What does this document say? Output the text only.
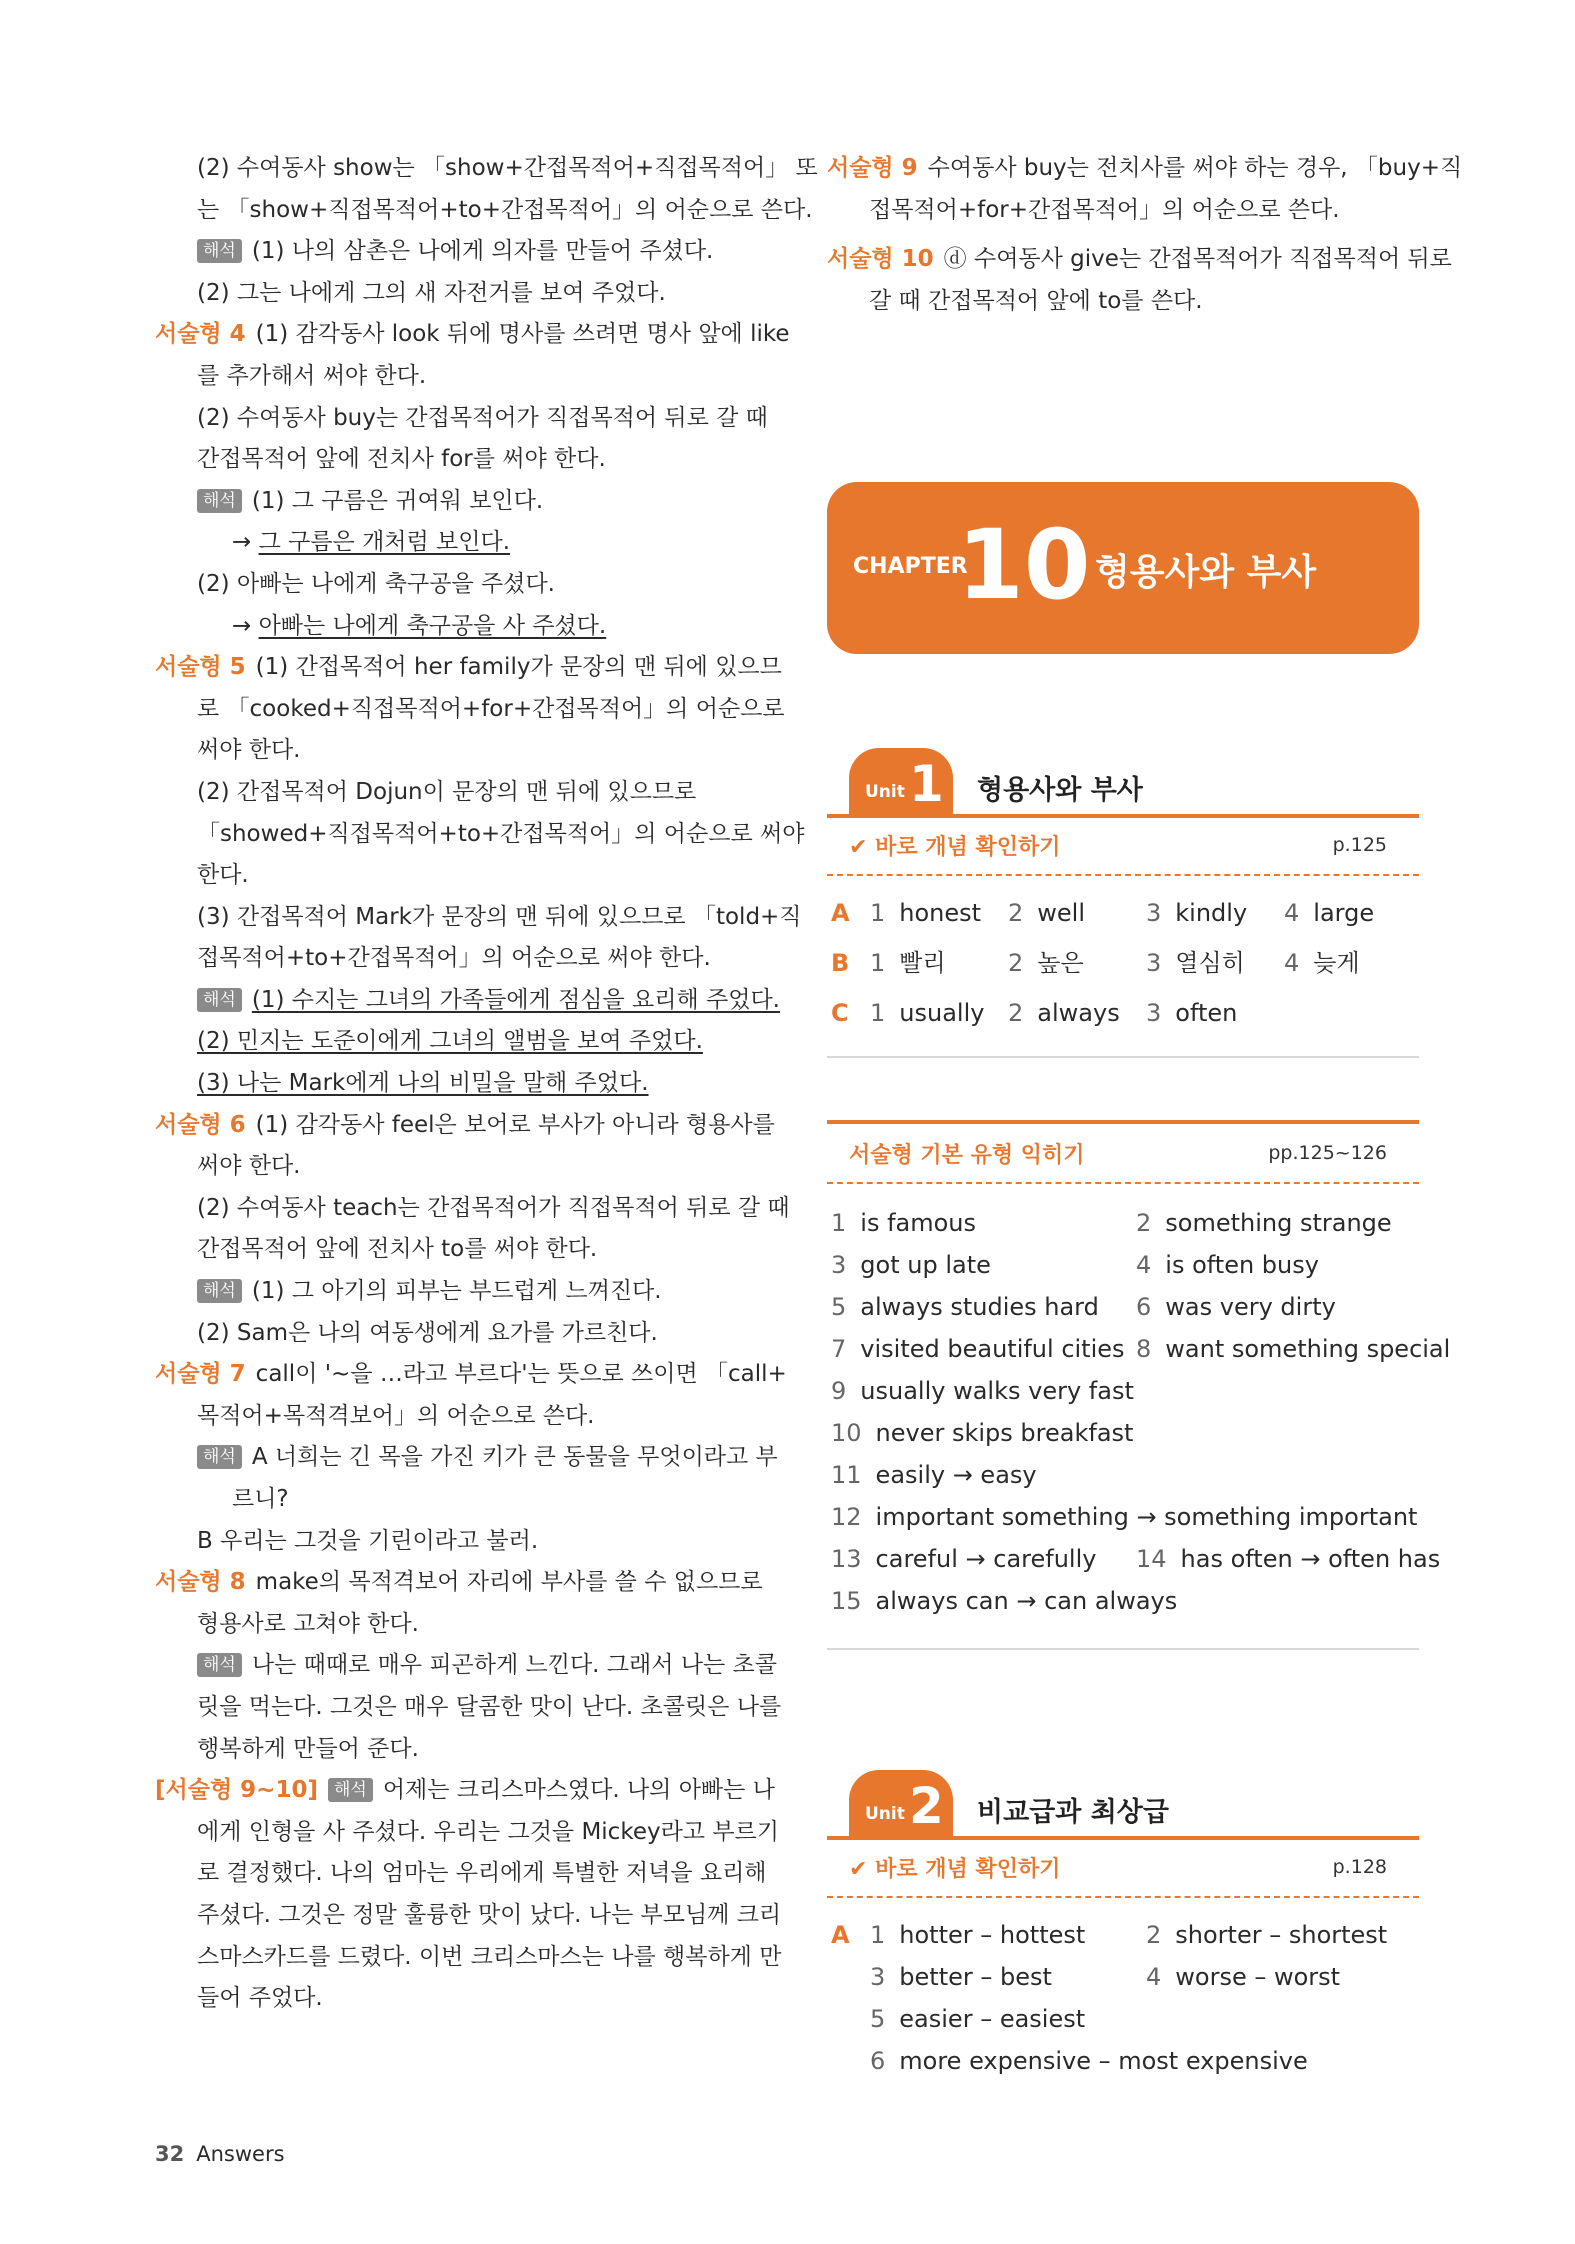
(2) 수여동사 show는 「show+간접목적어+직접목적어」 또
는 「show+직접목적어+to+간접목적어」의 어순으로 쓴다.
해석 (1) 나의 삼촌은 나에게 의자를 만들어 주셨다.
(2) 그는 나에게 그의 새 자전거를 보여 주었다.
서술형 4 (1) 감각동사 look 뒤에 명사를 쓰려면 명사 앞에 like
를 추가해서 써야 한다.
(2) 수여동사 buy는 간접목적어가 직접목적어 뒤로 갈 때
간접목적어 앞에 전치사 for를 써야 한다.
해석 (1) 그 구름은 귀여워 보인다.
→ 그 구름은 개처럼 보인다.
(2) 아빠는 나에게 축구공을 주셨다.
→ 아빠는 나에게 축구공을 사 주셨다.
서술형 5 (1) 간접목적어 her family가 문장의 맨 뒤에 있으므
로 「cooked+직접목적어+for+간접목적어」의 어순으로
써야 한다.
(2) 간접목적어 Dojun이 문장의 맨 뒤에 있으므로
「showed+직접목적어+to+간접목적어」의 어순으로 써야
한다.
(3) 간접목적어 Mark가 문장의 맨 뒤에 있으므로 「told+직
접목적어+to+간접목적어」의 어순으로 써야 한다.
해석 (1) 수지는 그녀의 가족들에게 점심을 요리해 주었다.
(2) 민지는 도준이에게 그녀의 앨범을 보여 주었다.
(3) 나는 Mark에게 나의 비밀을 말해 주었다.
서술형 6 (1) 감각동사 feel은 보어로 부사가 아니라 형용사를
써야 한다.
(2) 수여동사 teach는 간접목적어가 직접목적어 뒤로 갈 때
간접목적어 앞에 전치사 to를 써야 한다.
해석 (1) 그 아기의 피부는 부드럽게 느껴진다.
(2) Sam은 나의 여동생에게 요가를 가르친다.
서술형 7 call이 '~을 …라고 부르다'는 뜻으로 쓰이면 「call+
목적어+목적격보어」의 어순으로 쓴다.
해석 A 너희는 긴 목을 가진 키가 큰 동물을 무엇이라고 부
르니?
B 우리는 그것을 기린이라고 불러.
서술형 8 make의 목적격보어 자리에 부사를 쓸 수 없으므로
형용사로 고쳐야 한다.
해석 나는 때때로 매우 피곤하게 느낀다. 그래서 나는 초콜
릿을 먹는다. 그것은 매우 달콤한 맛이 난다. 초콜릿은 나를
행복하게 만들어 준다.
[서술형 9~10] 해석 어제는 크리스마스였다. 나의 아빠는 나
에게 인형을 사 주셨다. 우리는 그것을 Mickey라고 부르기
로 결정했다. 나의 엄마는 우리에게 특별한 저녁을 요리해
주셨다. 그것은 정말 훌륭한 맛이 났다. 나는 부모님께 크리
스마스카드를 드렸다. 이번 크리스마스는 나를 행복하게 만
들어 주었다.
서술형 9 수여동사 buy는 전치사를 써야 하는 경우, 「buy+직
접목적어+for+간접목적어」의 어순으로 쓴다.
서술형 10 ⓓ 수여동사 give는 간접목적어가 직접목적어 뒤로
갈 때 간접목적어 앞에 to를 쓴다.
CHAPTER
10 형용사와 부사
Unit 1 형용사와 부사
✔ 바로 개념 확인하기	p.125
A 1 honest 2 well	3 kindly 4 large
B 1 빨리	2 높은	3 열심히 4 늦게
C 1 usually 2 always 3 often
서술형 기본 유형 익히기	pp.125~126
1 is famous	2 something strange
3 got up late	4 is often busy
5 always studies hard 6 was very dirty
7 visited beautiful cities 8 want something special
9 usually walks very fast
10 never skips breakfast
11 easily → easy
12 important something → something important
13 careful → carefully 14 has often → often has
15 always can → can always
Unit 2 비교급과 최상급
✔ 바로 개념 확인하기	p.128
A 1 hotter – hottest	2 shorter – shortest
3 better – best	4 worse – worst
5 easier – easiest
6 more expensive – most expensive
32 Answers
